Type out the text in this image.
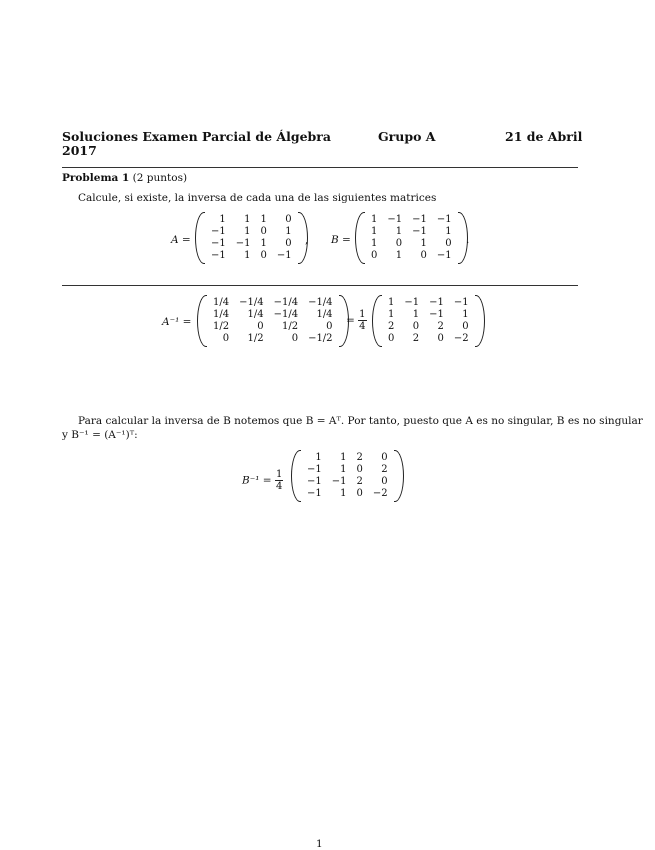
Soluciones Examen Parcial de Álgebra
2017
Grupo A	21 de Abril
Problema 1 (2 puntos)
Calcule, si existe, la inversa de cada una de las siguientes matrices
A =
1	1	1	0
−1	1	0	1
−1	−1	1	0
−1	1	0	−1
, B =
1	−1	−1	−1
1	1	−1	1
1	0	1	0
0	1	0	−1
.
A⁻¹ =
1/4	−1/4	−1/4	−1/4
1/4	1/4	−1/4	1/4
1/2	0	1/2	0
0	1/2	0	−1/2
= $\frac{1}{4}$
1	−1	−1	−1
1	1	−1	1
2	0	2	0
0	2	0	−2
Para calcular la inversa de B notemos que B = Aᵀ. Por tanto, puesto que A es no singular, B es no singular
y B⁻¹ = (A⁻¹)ᵀ:
$B^{-1} = \frac{1}{4}$
1	1	2	0
−1	1	0	2
−1	−1	2	0
−1	1	0	−2
1
